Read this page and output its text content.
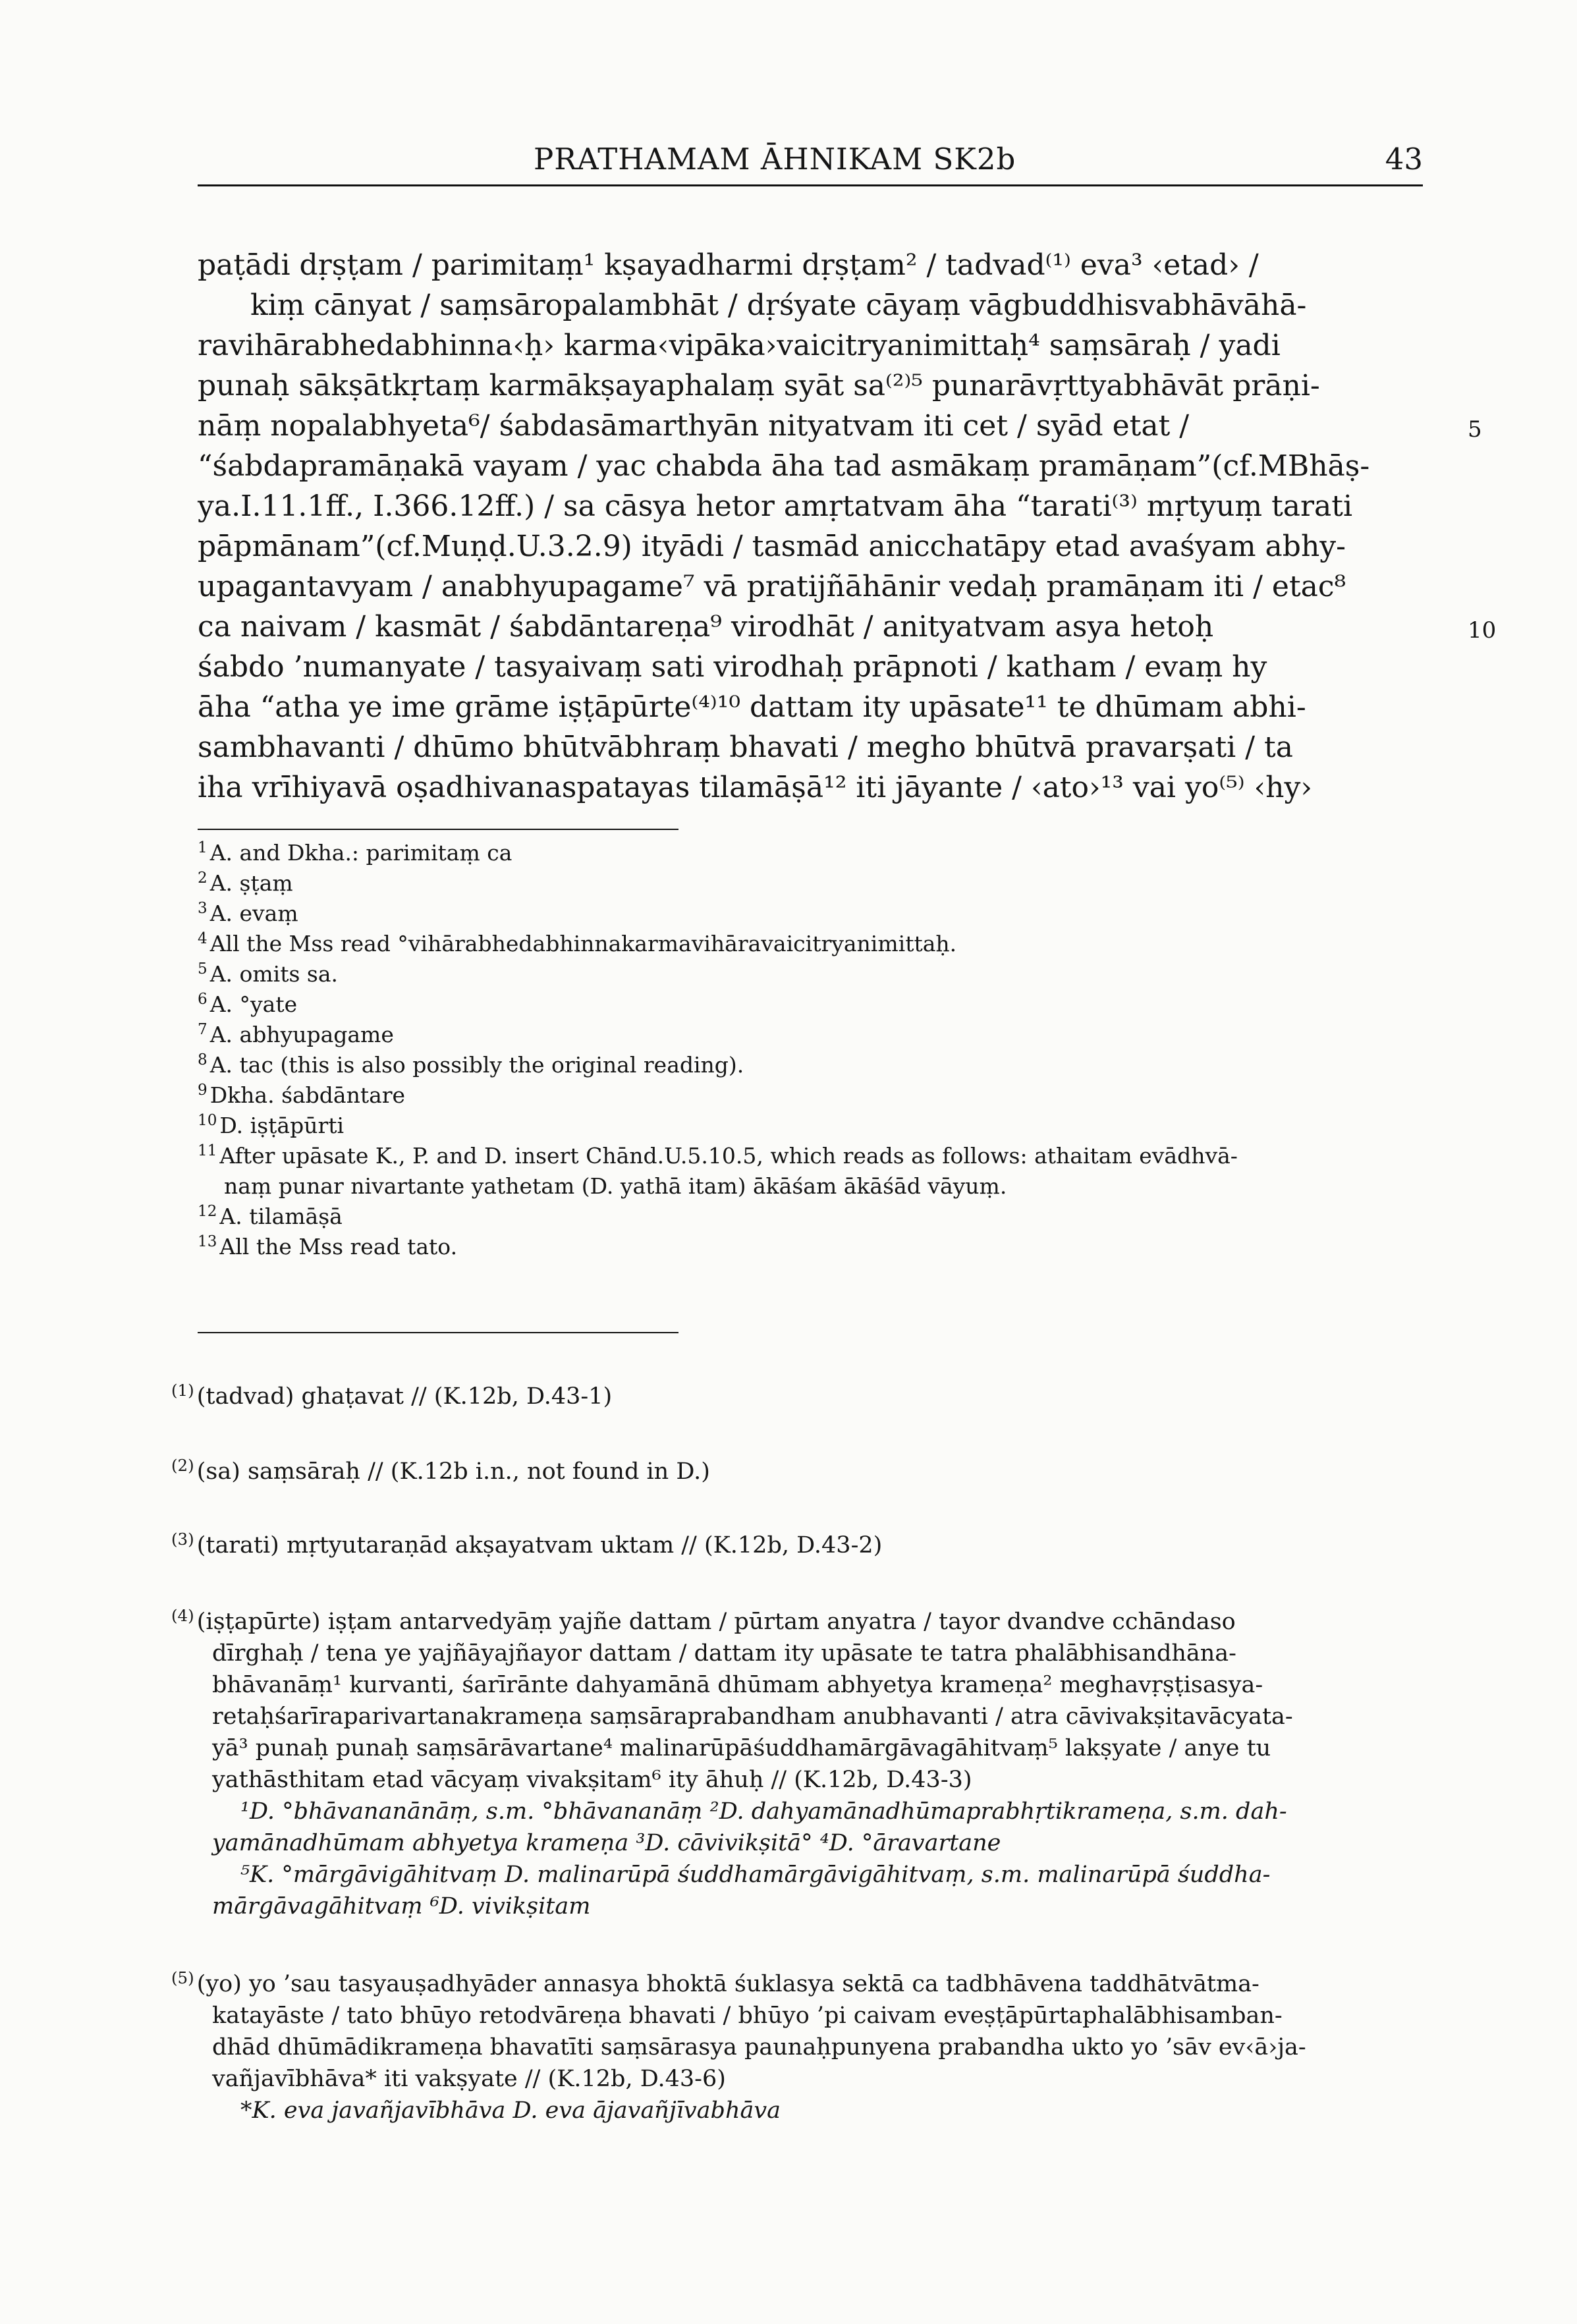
PRATHAMAM ĀHNIKAM SK2b	43
paṭādi dṛṣṭam / parimitaṃ¹ kṣayadharmi dṛṣṭam² / tadvad⁽¹⁾ eva³ ‹etad› /
kiṃ cānyat / saṃsāropalambhāt / dṛśyate cāyaṃ vāgbuddhisvabhāvāhā-
ravihārabhedabhinna‹ḥ› karma‹vipāka›vaicitryanimittaḥ⁴ saṃsāraḥ / yadi
punaḥ sākṣātkṛtaṃ karmākṣayaphalaṃ syāt sa⁽²⁾⁵ punarāvṛttyabhāvāt prāṇi-
nāṃ nopalabhyeta⁶/ śabdasāmarthyān nityatvam iti cet / syād etat /
“śabdapramāṇakā vayam / yac chabda āha tad asmākaṃ pramāṇam”(cf.MBhāṣ-
ya.I.11.1ff., I.366.12ff.) / sa cāsya hetor amṛtatvam āha “tarati⁽³⁾ mṛtyuṃ tarati
pāpmānam”(cf.Muṇḍ.U.3.2.9) ityādi / tasmād anicchatāpy etad avaśyam abhy-
upagantavyam / anabhyupagame⁷ vā pratijñāhānir vedaḥ pramāṇam iti / etac⁸
ca naivam / kasmāt / śabdāntareṇa⁹ virodhāt / anityatvam asya hetoḥ
śabdo ’numanyate / tasyaivaṃ sati virodhaḥ prāpnoti / katham / evaṃ hy
āha “atha ye ime grāme iṣṭāpūrte⁽⁴⁾¹⁰ dattam ity upāsate¹¹ te dhūmam abhi-
sambhavanti / dhūmo bhūtvābhraṃ bhavati / megho bhūtvā pravarṣati / ta
iha vrīhiyavā oṣadhivanaspatayas tilamāṣā¹² iti jāyante / ‹ato›¹³ vai yo⁽⁵⁾ ‹hy›
5
10
$^1$ A. and Dkha.: parimitaṃ ca
$^2$ A. ṣṭaṃ
$^3$ A. evaṃ
$^4$ All the Mss read °vihārabhedabhinnakarmavihāravaicitryanimittaḥ.
$^5$ A. omits sa.
$^6$ A. °yate
$^7$ A. abhyupagame
$^8$ A. tac (this is also possibly the original reading).
$^9$ Dkha. śabdāntare
$^{10}$ D. iṣṭāpūrti
$^{11}$ After upāsate K., P. and D. insert Chānd.U.5.10.5, which reads as follows: athaitam evādhvā-
naṃ punar nivartante yathetam (D. yathā itam) ākāśam ākāśād vāyuṃ.
$^{12}$ A. tilamāṣā
$^{13}$ All the Mss read tato.
$^{(1)}$ (tadvad) ghaṭavat // (K.12b, D.43-1)
$^{(2)}$ (sa) saṃsāraḥ // (K.12b i.n., not found in D.)
$^{(3)}$ (tarati) mṛtyutaraṇād akṣayatvam uktam // (K.12b, D.43-2)
$^{(4)}$ (iṣṭapūrte) iṣṭam antarvedyāṃ yajñe dattam / pūrtam anyatra / tayor dvandve cchāndaso
dīrghaḥ / tena ye yajñāyajñayor dattam / dattam ity upāsate te tatra phalābhisandhāna-
bhāvanāṃ¹ kurvanti, śarīrānte dahyamānā dhūmam abhyetya krameṇa² meghavṛṣṭisasya-
retaḥśarīraparivartanakrameṇa saṃsāraprabandham anubhavanti / atra cāvivakṣitavācyata-
yā³ punaḥ punaḥ saṃsārāvartane⁴ malinarūpāśuddhamārgāvagāhitvaṃ⁵ lakṣyate / anye tu
yathāsthitam etad vācyaṃ vivakṣitam⁶ ity āhuḥ // (K.12b, D.43-3)
¹D. °bhāvananānāṃ, s.m. °bhāvananāṃ ²D. dahyamānadhūmaprabhṛtikrameṇa, s.m. dah-
yamānadhūmam abhyetya krameṇa ³D. cāvivikṣitā° ⁴D. °āravartane
⁵K. °mārgāvigāhitvaṃ D. malinarūpā śuddhamārgāvigāhitvaṃ, s.m. malinarūpā śuddha-
mārgāvagāhitvaṃ ⁶D. vivikṣitam
$^{(5)}$ (yo) yo ’sau tasyauṣadhyāder annasya bhoktā śuklasya sektā ca tadbhāvena taddhātvātma-
katayāste / tato bhūyo retodvāreṇa bhavati / bhūyo ’pi caivam eveṣṭāpūrtaphalābhisamban-
dhād dhūmādikrameṇa bhavatīti saṃsārasya paunaḥpunyena prabandha ukto yo ’sāv ev‹ā›ja-
vañjavībhāva* iti vakṣyate // (K.12b, D.43-6)
*K. eva javañjavībhāva D. eva ājavañjīvabhāva
